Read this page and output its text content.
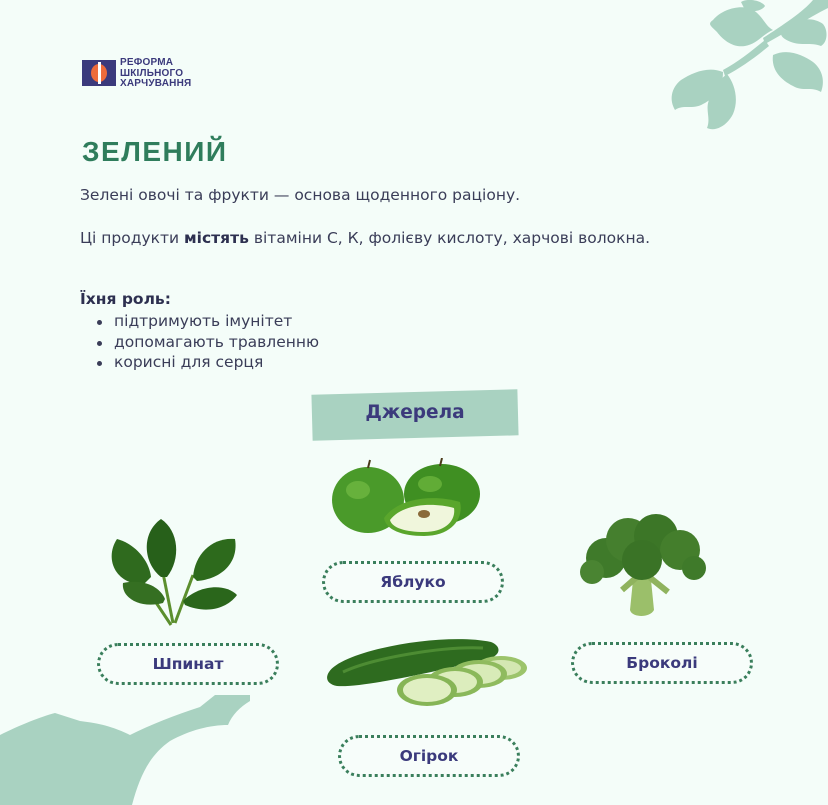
РЕФОРМА
ШКІЛЬНОГО
ХАРЧУВАННЯ
ЗЕЛЕНИЙ
Зелені овочі та фрукти — основа щоденного раціону.
Ці продукти містять вітаміни С, К, фолієву кислоту, харчові волокна.
Їхня роль:
підтримують імунітет
допомагають травленню
корисні для серця
Джерела
Яблуко
Шпинат	Броколі
Огірок
